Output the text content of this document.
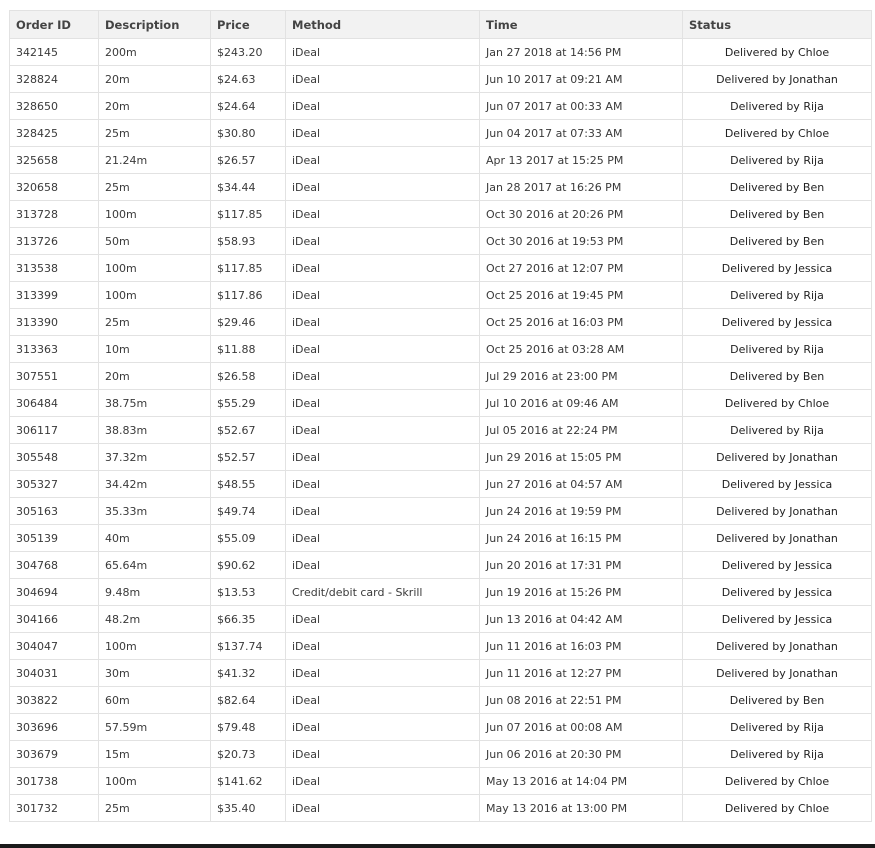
Order ID	Description	Price	Method	Time	Status
342145	200m	$243.20	iDeal	Jan 27 2018 at 14:56 PM	Delivered by Chloe
328824	20m	$24.63	iDeal	Jun 10 2017 at 09:21 AM	Delivered by Jonathan
328650	20m	$24.64	iDeal	Jun 07 2017 at 00:33 AM	Delivered by Rija
328425	25m	$30.80	iDeal	Jun 04 2017 at 07:33 AM	Delivered by Chloe
325658	21.24m	$26.57	iDeal	Apr 13 2017 at 15:25 PM	Delivered by Rija
320658	25m	$34.44	iDeal	Jan 28 2017 at 16:26 PM	Delivered by Ben
313728	100m	$117.85	iDeal	Oct 30 2016 at 20:26 PM	Delivered by Ben
313726	50m	$58.93	iDeal	Oct 30 2016 at 19:53 PM	Delivered by Ben
313538	100m	$117.85	iDeal	Oct 27 2016 at 12:07 PM	Delivered by Jessica
313399	100m	$117.86	iDeal	Oct 25 2016 at 19:45 PM	Delivered by Rija
313390	25m	$29.46	iDeal	Oct 25 2016 at 16:03 PM	Delivered by Jessica
313363	10m	$11.88	iDeal	Oct 25 2016 at 03:28 AM	Delivered by Rija
307551	20m	$26.58	iDeal	Jul 29 2016 at 23:00 PM	Delivered by Ben
306484	38.75m	$55.29	iDeal	Jul 10 2016 at 09:46 AM	Delivered by Chloe
306117	38.83m	$52.67	iDeal	Jul 05 2016 at 22:24 PM	Delivered by Rija
305548	37.32m	$52.57	iDeal	Jun 29 2016 at 15:05 PM	Delivered by Jonathan
305327	34.42m	$48.55	iDeal	Jun 27 2016 at 04:57 AM	Delivered by Jessica
305163	35.33m	$49.74	iDeal	Jun 24 2016 at 19:59 PM	Delivered by Jonathan
305139	40m	$55.09	iDeal	Jun 24 2016 at 16:15 PM	Delivered by Jonathan
304768	65.64m	$90.62	iDeal	Jun 20 2016 at 17:31 PM	Delivered by Jessica
304694	9.48m	$13.53	Credit/debit card - Skrill	Jun 19 2016 at 15:26 PM	Delivered by Jessica
304166	48.2m	$66.35	iDeal	Jun 13 2016 at 04:42 AM	Delivered by Jessica
304047	100m	$137.74	iDeal	Jun 11 2016 at 16:03 PM	Delivered by Jonathan
304031	30m	$41.32	iDeal	Jun 11 2016 at 12:27 PM	Delivered by Jonathan
303822	60m	$82.64	iDeal	Jun 08 2016 at 22:51 PM	Delivered by Ben
303696	57.59m	$79.48	iDeal	Jun 07 2016 at 00:08 AM	Delivered by Rija
303679	15m	$20.73	iDeal	Jun 06 2016 at 20:30 PM	Delivered by Rija
301738	100m	$141.62	iDeal	May 13 2016 at 14:04 PM	Delivered by Chloe
301732	25m	$35.40	iDeal	May 13 2016 at 13:00 PM	Delivered by Chloe
